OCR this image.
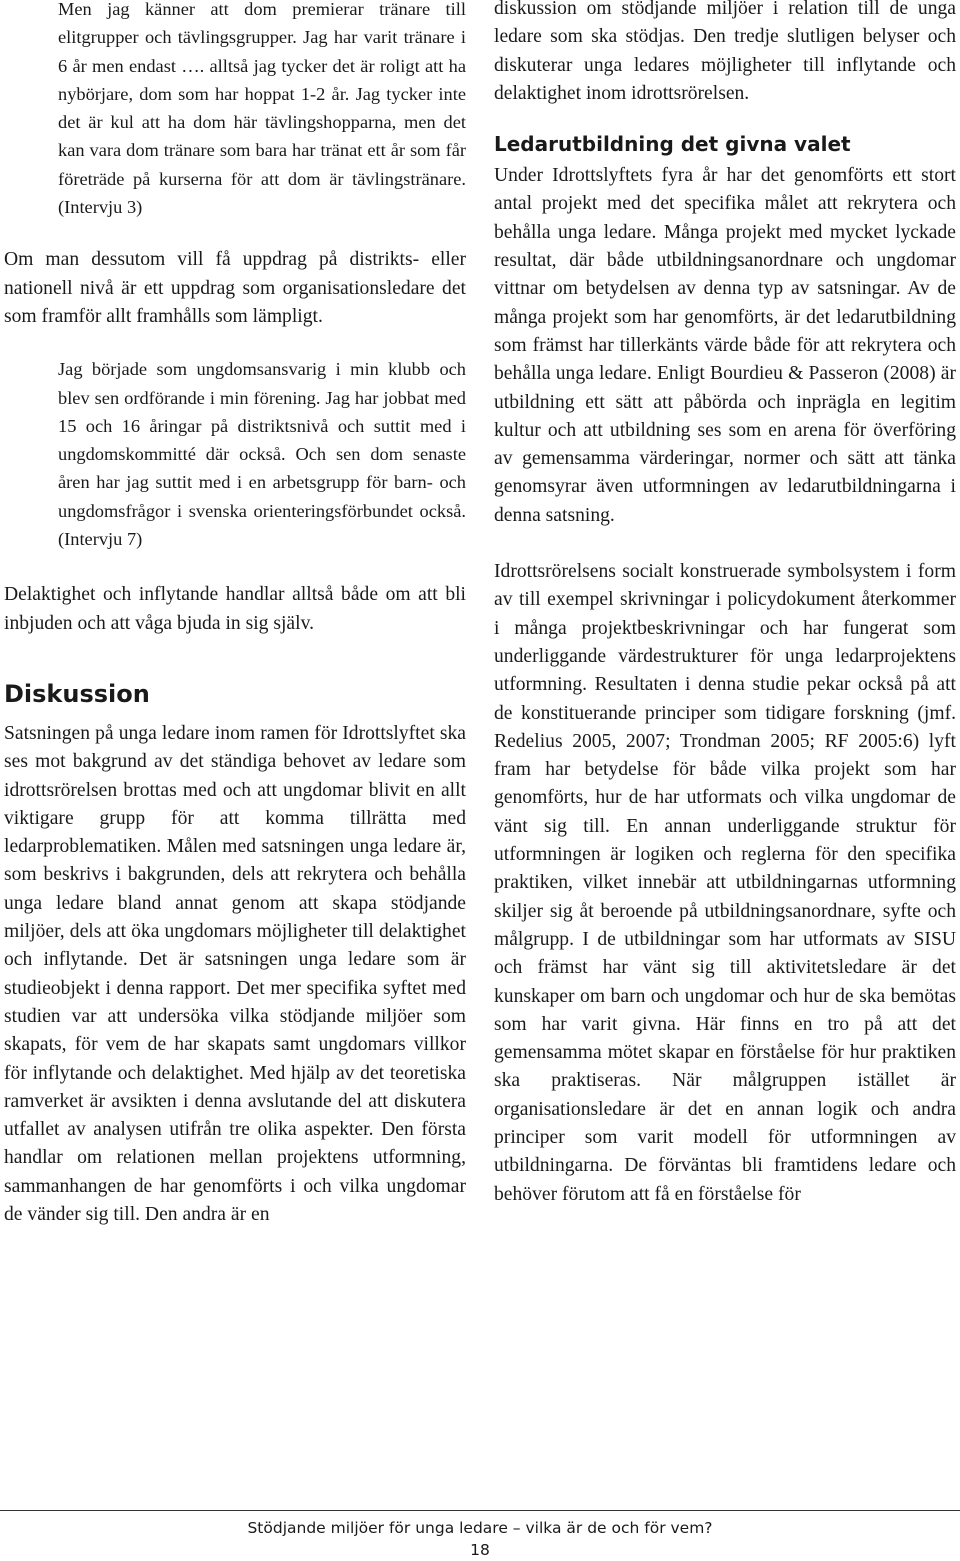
Men jag känner att dom premierar tränare till elitgrupper och tävlingsgrupper. Jag har varit tränare i 6 år men endast …. alltså jag tycker det är roligt att ha nybörjare, dom som har hoppat 1-2 år. Jag tycker inte det är kul att ha dom här tävlingshopparna, men det kan vara dom tränare som bara har tränat ett år som får företräde på kurserna för att dom är tävlingstränare. (Intervju 3)

Om man dessutom vill få uppdrag på distrikts- eller nationell nivå är ett uppdrag som organisationsledare det som framför allt framhålls som lämpligt.

Jag började som ungdomsansvarig i min klubb och blev sen ordförande i min förening. Jag har jobbat med 15 och 16 åringar på distriktsnivå och suttit med i ungdomskommitté där också. Och sen dom senaste åren har jag suttit med i en arbetsgrupp för barn- och ungdomsfrågor i svenska orienteringsförbundet också. (Intervju 7)

Delaktighet och inflytande handlar alltså både om att bli inbjuden och att våga bjuda in sig själv.

Diskussion

Satsningen på unga ledare inom ramen för Idrottslyftet ska ses mot bakgrund av det ständiga behovet av ledare som idrottsrörelsen brottas med och att ungdomar blivit en allt viktigare grupp för att komma tillrätta med ledarproblematiken. Målen med satsningen unga ledare är, som beskrivs i bakgrunden, dels att rekrytera och behålla unga ledare bland annat genom att skapa stödjande miljöer, dels att öka ungdomars möjligheter till delaktighet och inflytande. Det är satsningen unga ledare som är studieobjekt i denna rapport. Det mer specifika syftet med studien var att undersöka vilka stödjande miljöer som skapats, för vem de har skapats samt ungdomars villkor för inflytande och delaktighet. Med hjälp av det teoretiska ramverket är avsikten i denna avslutande del att diskutera utfallet av analysen utifrån tre olika aspekter. Den första handlar om relationen mellan projektens utformning, sammanhangen de har genomförts i och vilka ungdomar de vänder sig till. Den andra är en

diskussion om stödjande miljöer i relation till de unga ledare som ska stödjas. Den tredje slutligen belyser och diskuterar unga ledares möjligheter till inflytande och delaktighet inom idrottsrörelsen.

Ledarutbildning det givna valet

Under Idrottslyftets fyra år har det genomförts ett stort antal projekt med det specifika målet att rekrytera och behålla unga ledare. Många projekt med mycket lyckade resultat, där både utbildningsanordnare och ungdomar vittnar om betydelsen av denna typ av satsningar. Av de många projekt som har genomförts, är det ledarutbildning som främst har tillerkänts värde både för att rekrytera och behålla unga ledare. Enligt Bourdieu & Passeron (2008) är utbildning ett sätt att påbörda och inprägla en legitim kultur och att utbildning ses som en arena för överföring av gemensamma värderingar, normer och sätt att tänka genomsyrar även utformningen av ledarutbildningarna i denna satsning.

Idrottsrörelsens socialt konstruerade symbolsystem i form av till exempel skrivningar i policydokument återkommer i många projektbeskrivningar och har fungerat som underliggande värdestrukturer för unga ledarprojektens utformning. Resultaten i denna studie pekar också på att de konstituerande principer som tidigare forskning (jmf. Redelius 2005, 2007; Trondman 2005; RF 2005:6) lyft fram har betydelse för både vilka projekt som har genomförts, hur de har utformats och vilka ungdomar de vänt sig till. En annan underliggande struktur för utformningen är logiken och reglerna för den specifika praktiken, vilket innebär att utbildningarnas utformning skiljer sig åt beroende på utbildningsanordnare, syfte och målgrupp. I de utbildningar som har utformats av SISU och främst har vänt sig till aktivitetsledare är det kunskaper om barn och ungdomar och hur de ska bemötas som har varit givna. Här finns en tro på att det gemensamma mötet skapar en förståelse för hur praktiken ska praktiseras. När målgruppen istället är organisationsledare är det en annan logik och andra principer som varit modell för utformningen av utbildningarna. De förväntas bli framtidens ledare och behöver förutom att få en förståelse för

Stödjande miljöer för unga ledare – vilka är de och för vem?
18
